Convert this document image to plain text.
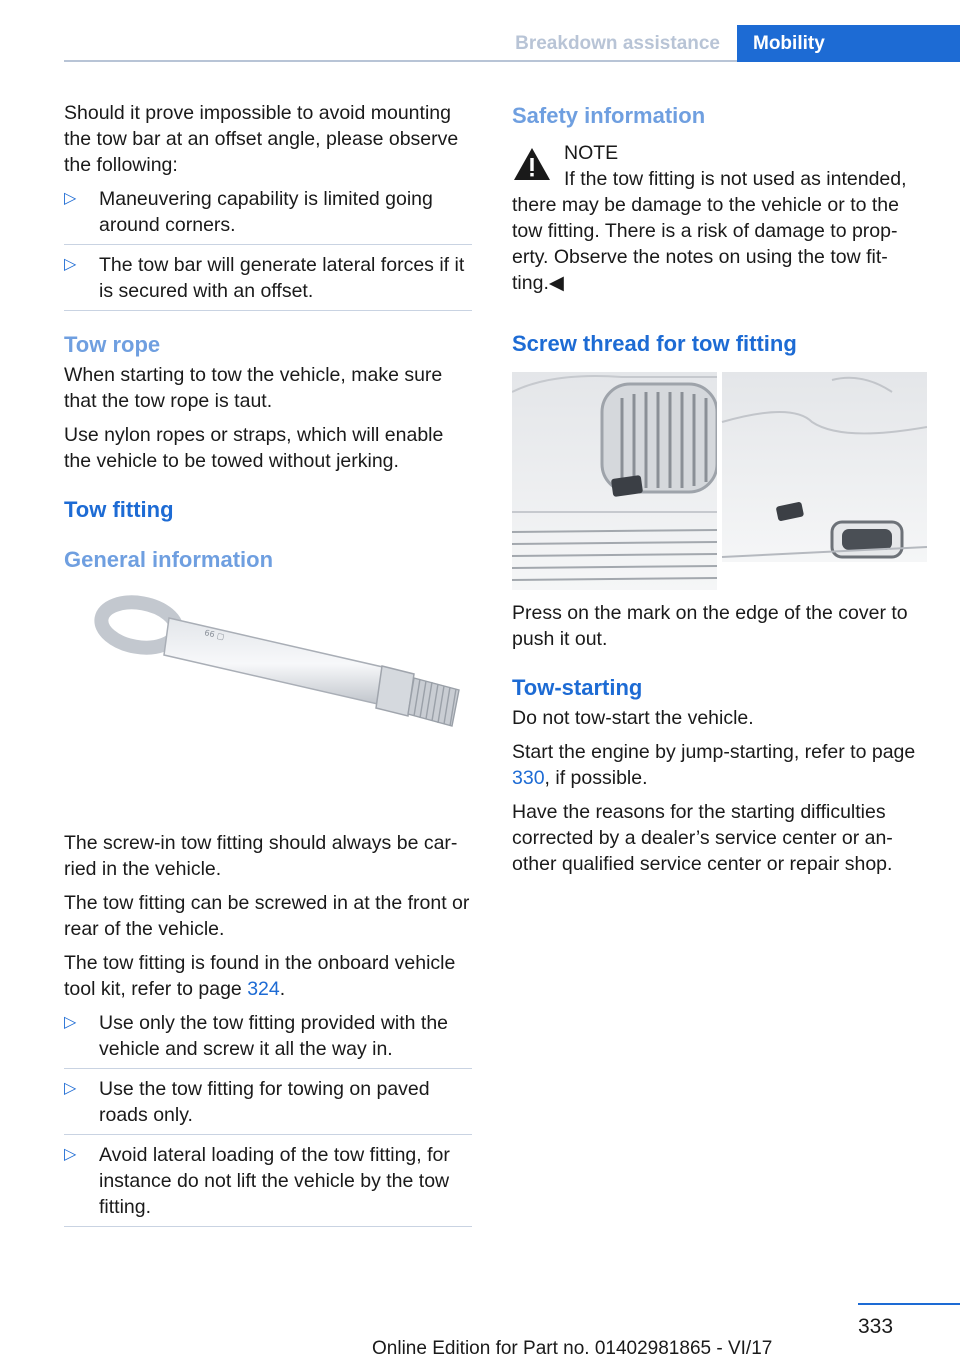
Breakdown assistance	Mobility

Should it prove impossible to avoid mounting the tow bar at an offset angle, please observe the following:

▷ Maneuvering capability is limited going around corners.
▷ The tow bar will generate lateral forces if it is secured with an offset.
Tow rope

When starting to tow the vehicle, make sure that the tow rope is taut.

Use nylon ropes or straps, which will enable the vehicle to be towed without jerking.

Tow fitting
General information
66 ▢

The screw-in tow fitting should always be car-ried in the vehicle.

The tow fitting can be screwed in at the front or rear of the vehicle.

The tow fitting is found in the onboard vehicle tool kit, refer to page 324.

▷ Use only the tow fitting provided with the vehicle and screw it all the way in.
▷ Use the tow fitting for towing on paved roads only.
▷ Avoid lateral loading of the tow fitting, for instance do not lift the vehicle by the tow fitting.
Safety information
NOTE

If the tow fitting is not used as intended,
there may be damage to the vehicle or to the tow fitting. There is a risk of damage to prop-erty. Observe the notes on using the tow fit-ting.◀

Screw thread for tow fitting

Press on the mark on the edge of the cover to push it out.

Tow-starting

Do not tow-start the vehicle.

Start the engine by jump-starting, refer to page 330, if possible.

Have the reasons for the starting difficulties corrected by a dealer’s service center or an-other qualified service center or repair shop.

333
Online Edition for Part no. 01402981865 - VI/17
